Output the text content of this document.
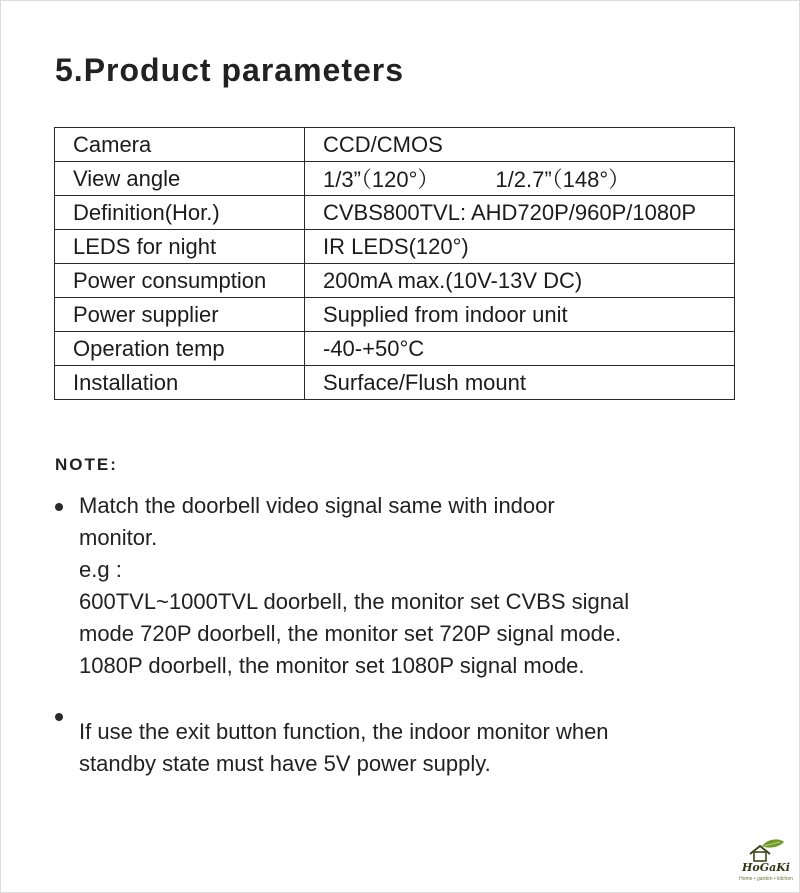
5.Product parameters
Camera	CCD/CMOS
View angle	1/3”（120°） 1/2.7”（148°）
Definition(Hor.)	CVBS800TVL: AHD720P/960P/1080P
LEDS for night	IR LEDS(120°)
Power consumption	200mA max.(10V-13V DC)
Power supplier	Supplied from indoor unit
Operation temp	-40-+50°C
Installation	Surface/Flush mount
NOTE:
Match the doorbell video signal same with indoor
monitor.
e.g :
600TVL~1000TVL doorbell, the monitor set CVBS signal
mode 720P doorbell, the monitor set 720P signal mode.
1080P doorbell, the monitor set 1080P signal mode.
If use the exit button function, the indoor monitor when
standby state must have 5V power supply.
HoGaKi
Home • garden • kitchen
